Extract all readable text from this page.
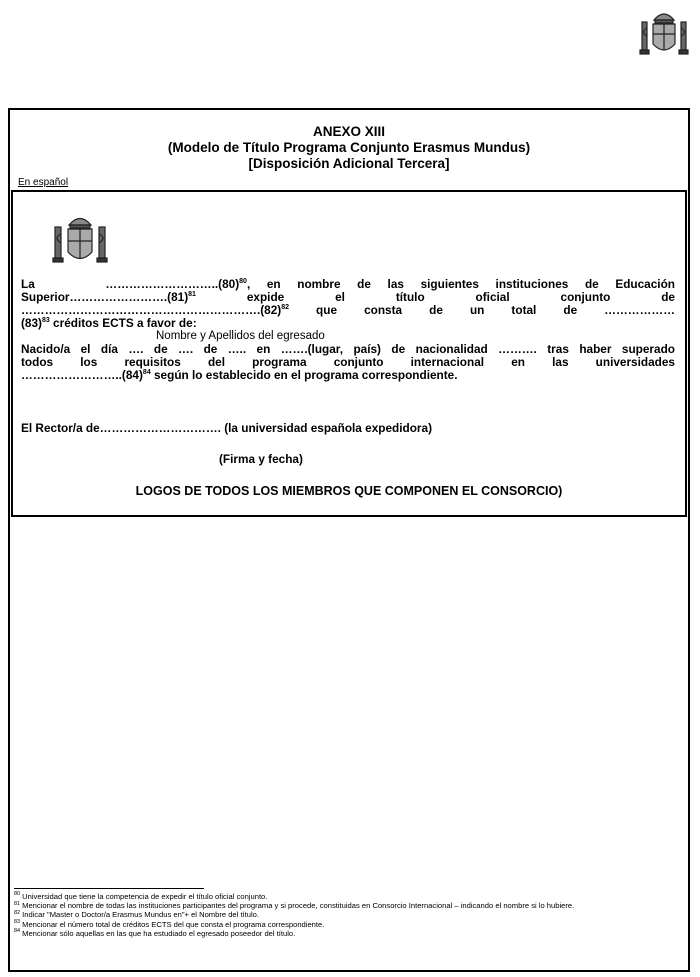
ANEXO XIII
(Modelo de Título Programa Conjunto Erasmus Mundus)
[Disposición Adicional Tercera]
En español
La	$\dots\dots\dots\dots\dots\dots\dots\dots\dots..(80)^{80}$, en nombre de las siguientes instituciones de Educación
$Superior\dots\dots\dots\dots\dots\dots\dots\dots.(81)^{81}$ expide el título oficial conjunto de
$\dots\dots\dots\dots\dots\dots\dots\dots\dots\dots\dots\dots\dots\dots\dots\dots\dots\dots\dots\dots.(82)^{82}$ que consta de un total de ………………
$(83)^{83}$ créditos ECTS a favor de:
Nombre y Apellidos del egresado
Nacido/a el día …. de …. de ….. en …….(lugar, país) de nacionalidad ………. tras haber superado
todos los requisitos del programa conjunto internacional en las universidades
$\dots\dots\dots\dots\dots\dots\dots\dots..(84)^{84}$ según lo establecido en el programa correspondiente.
El Rector/a de…………………………. (la universidad española expedidora)
(Firma y fecha)
LOGOS DE TODOS LOS MIEMBROS QUE COMPONEN EL CONSORCIO)
$^{80}$ Universidad que tiene la competencia de expedir el título oficial conjunto.
$^{81}$ Mencionar el nombre de todas las instituciones participantes del programa y si procede, constituidas en Consorcio Internacional – indicando el nombre si lo hubiere.
$^{82}$ Indicar "Master o Doctor/a Erasmus Mundus en"+ el Nombre del título.
$^{83}$ Mencionar el número total de créditos ECTS del que consta el programa correspondiente.
$^{84}$ Mencionar sólo aquellas en las que ha estudiado el egresado poseedor del título.
